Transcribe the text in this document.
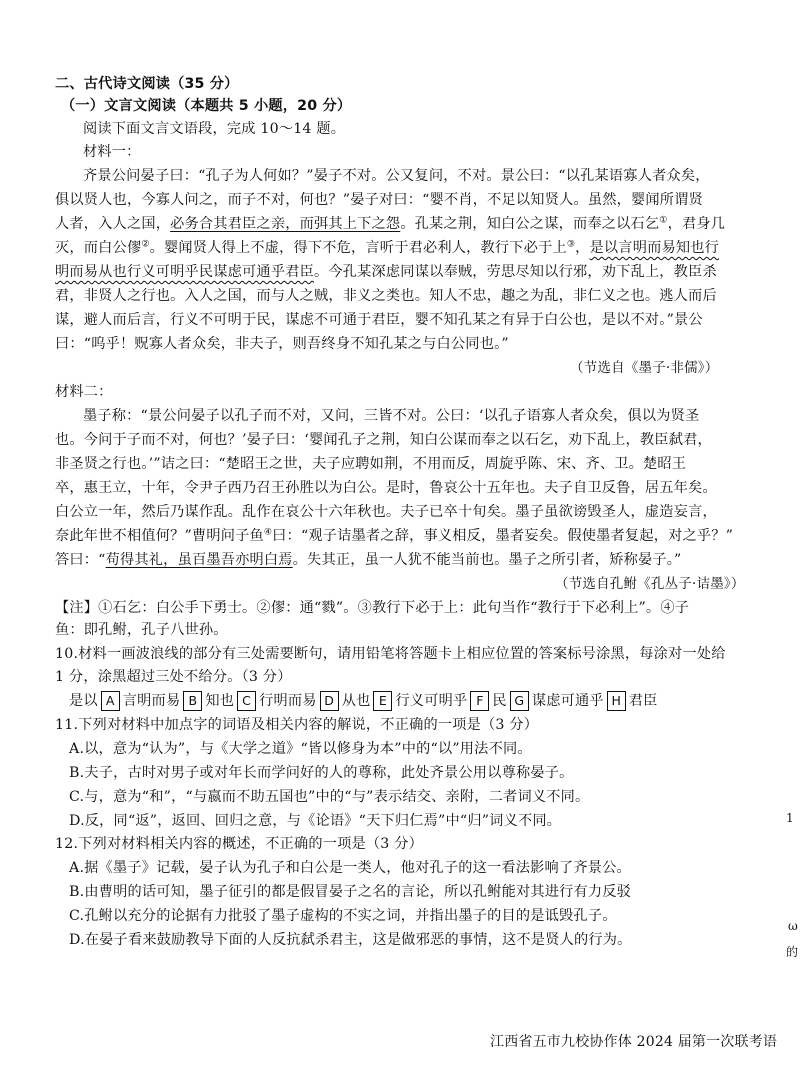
二、古代诗文阅读（35 分）
（一）文言文阅读（本题共 5 小题，20 分）
阅读下面文言文语段，完成 10～14 题。
材料一：
齐景公问晏子曰：“孔子为人何如？”晏子不对。公又复问，不对。景公曰：“以孔某语寡人者众矣，
俱以贤人也，今寡人问之，而子不对，何也？”晏子对曰：“婴不肖，不足以知贤人。虽然，婴闻所谓贤
人者，入人之国，必务合其君臣之亲，而弭其上下之怨。孔某之荆，知白公之谋，而奉之以石乞①，君身几
灭，而白公僇②。婴闻贤人得上不虚，得下不危，言听于君必利人，教行下必于上③，是以言明而易知也行
明而易从也行义可明乎民谋虑可通乎君臣。今孔某深虑同谋以奉贼，劳思尽知以行邪，劝下乱上，教臣杀
君，非贤人之行也。入人之国，而与人之贼，非义之类也。知人不忠，趣之为乱，非仁义之也。逃人而后
谋，避人而后言，行义不可明于民，谋虑不可通于君臣，婴不知孔某之有异于白公也，是以不对。”景公
曰：“呜乎！贶寡人者众矣，非夫子，则吾终身不知孔某之与白公同也。”
（节选自《墨子·非儒》）
材料二：
墨子称：“景公问晏子以孔子而不对，又问，三皆不对。公曰：‘以孔子语寡人者众矣，俱以为贤圣
也。今问于子而不对，何也？’晏子曰：‘婴闻孔子之荆，知白公谋而奉之以石乞，劝下乱上，教臣弑君，
非圣贤之行也。’”诘之曰：“楚昭王之世，夫子应聘如荆，不用而反，周旋乎陈、宋、齐、卫。楚昭王
卒，惠王立，十年，令尹子西乃召王孙胜以为白公。是时，鲁哀公十五年也。夫子自卫反鲁，居五年矣。
白公立一年，然后乃谋作乱。乱作在哀公十六年秋也。夫子已卒十旬矣。墨子虽欲谤毁圣人，虚造妄言，
奈此年世不相值何？”曹明问子鱼④曰：“观子诘墨者之辞，事义相反，墨者妄矣。假使墨者复起，对之乎？”
答曰：“苟得其礼，虽百墨吾亦明白焉。失其正，虽一人犹不能当前也。墨子之所引者，矫称晏子。”
（节选自孔鲋《孔丛子·诘墨》）
【注】①石乞：白公手下勇士。②僇：通“戮”。③教行下必于上：此句当作“教行于下必利上”。④子
鱼：即孔鲋，孔子八世孙。
10.材料一画波浪线的部分有三处需要断句，请用铅笔将答题卡上相应位置的答案标号涂黑，每涂对一处给
1 分，涂黑超过三处不给分。（3 分）
是以 A 言明而易 B 知也 C 行明而易 D 从也 E 行义可明乎 F 民 G 谋虑可通乎 H 君臣
11.下列对材料中加点字的词语及相关内容的解说，不正确的一项是（3 分）
A.以，意为“认为”，与《大学之道》“皆以修身为本”中的“以”用法不同。
B.夫子，古时对男子或对年长而学问好的人的尊称，此处齐景公用以尊称晏子。
C.与，意为“和”，“与嬴而不助五国也”中的“与”表示结交、亲附，二者词义不同。
D.反，同“返”，返回、回归之意，与《论语》“天下归仁焉”中“归”词义不同。
12.下列对材料相关内容的概述，不正确的一项是（3 分）
A.据《墨子》记载，晏子认为孔子和白公是一类人，他对孔子的这一看法影响了齐景公。
B.由曹明的话可知，墨子征引的都是假冒晏子之名的言论，所以孔鲋能对其进行有力反驳
C.孔鲋以充分的论据有力批驳了墨子虚构的不实之词，并指出墨子的目的是诋毁孔子。
D.在晏子看来鼓励教导下面的人反抗弑杀君主，这是做邪恶的事情，这不是贤人的行为。
1
ω
的
江西省五市九校协作体 2024 届第一次联考语
